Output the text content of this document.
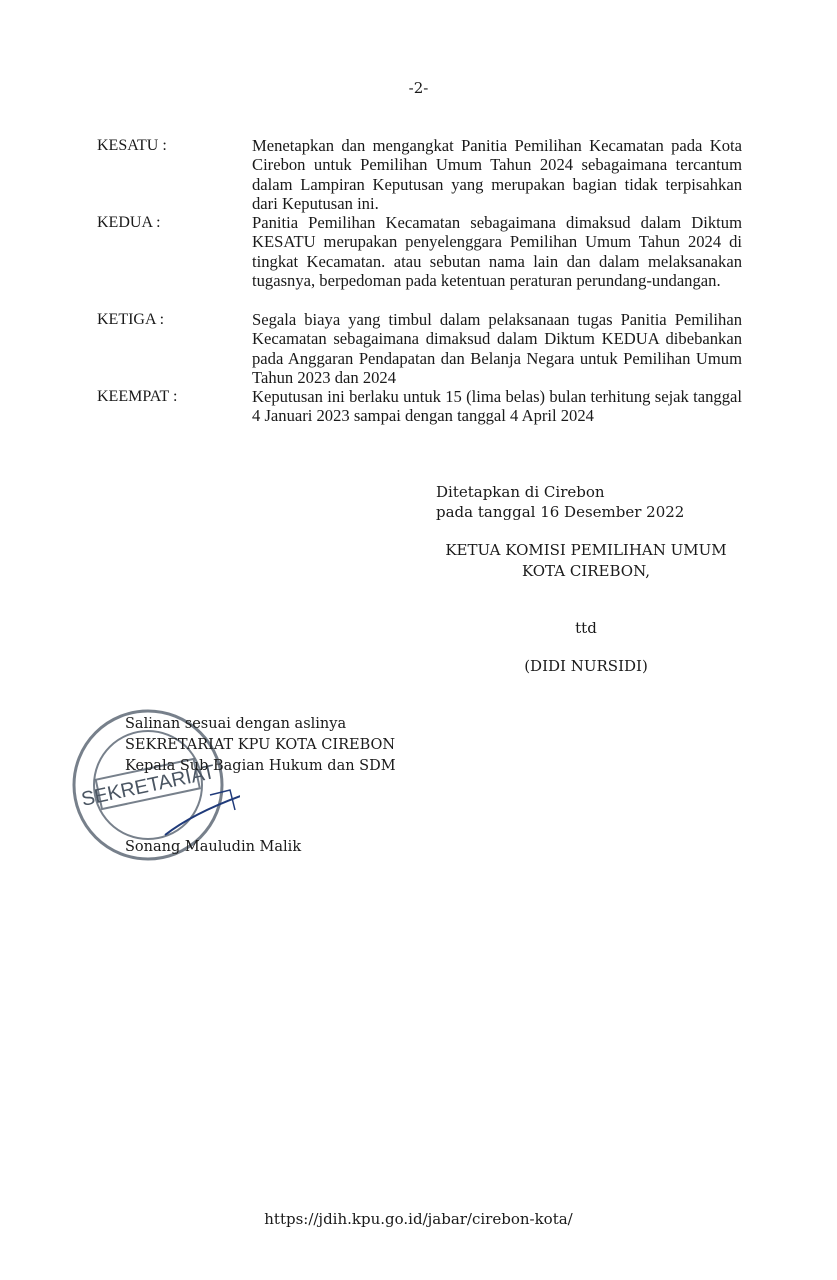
-2-
KESATU :	Menetapkan dan mengangkat Panitia Pemilihan Kecamatan pada Kota Cirebon untuk Pemilihan Umum Tahun 2024 sebagaimana tercantum dalam Lampiran Keputusan yang merupakan bagian tidak terpisahkan dari Keputusan ini.
KEDUA :	Panitia Pemilihan Kecamatan sebagaimana dimaksud dalam Diktum KESATU merupakan penyelenggara Pemilihan Umum Tahun 2024 di tingkat Kecamatan. atau sebutan nama lain dan dalam melaksanakan tugasnya, berpedoman pada ketentuan peraturan perundang-undangan.
KETIGA :	Segala biaya yang timbul dalam pelaksanaan tugas Panitia Pemilihan Kecamatan sebagaimana dimaksud dalam Diktum KEDUA dibebankan pada Anggaran Pendapatan dan Belanja Negara untuk Pemilihan Umum Tahun 2023 dan 2024
KEEMPAT :	Keputusan ini berlaku untuk 15 (lima belas) bulan terhitung sejak tanggal 4 Januari 2023 sampai dengan tanggal 4 April 2024
Ditetapkan di Cirebon
pada tanggal 16 Desember 2022
KETUA KOMISI PEMILIHAN UMUM
KOTA CIREBON,
ttd
(DIDI NURSIDI)
SEKRETARIAT
Salinan sesuai dengan aslinya
SEKRETARIAT KPU KOTA CIREBON
Kepala Sub Bagian Hukum dan SDM
Sonang Mauludin Malik
https://jdih.kpu.go.id/jabar/cirebon-kota/
